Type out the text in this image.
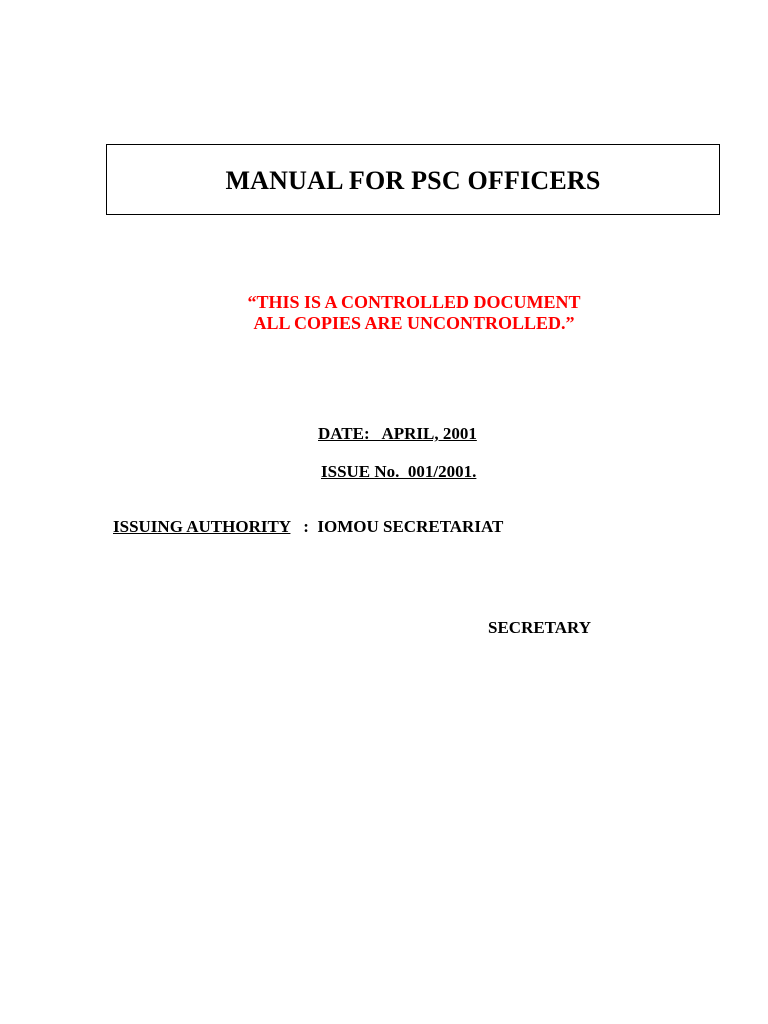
MANUAL FOR PSC OFFICERS
“THIS IS A CONTROLLED DOCUMENT
ALL COPIES ARE UNCONTROLLED.”
DATE:   APRIL, 2001
ISSUE No.  001/2001.
ISSUING AUTHORITY   :  IOMOU SECRETARIAT
SECRETARY
